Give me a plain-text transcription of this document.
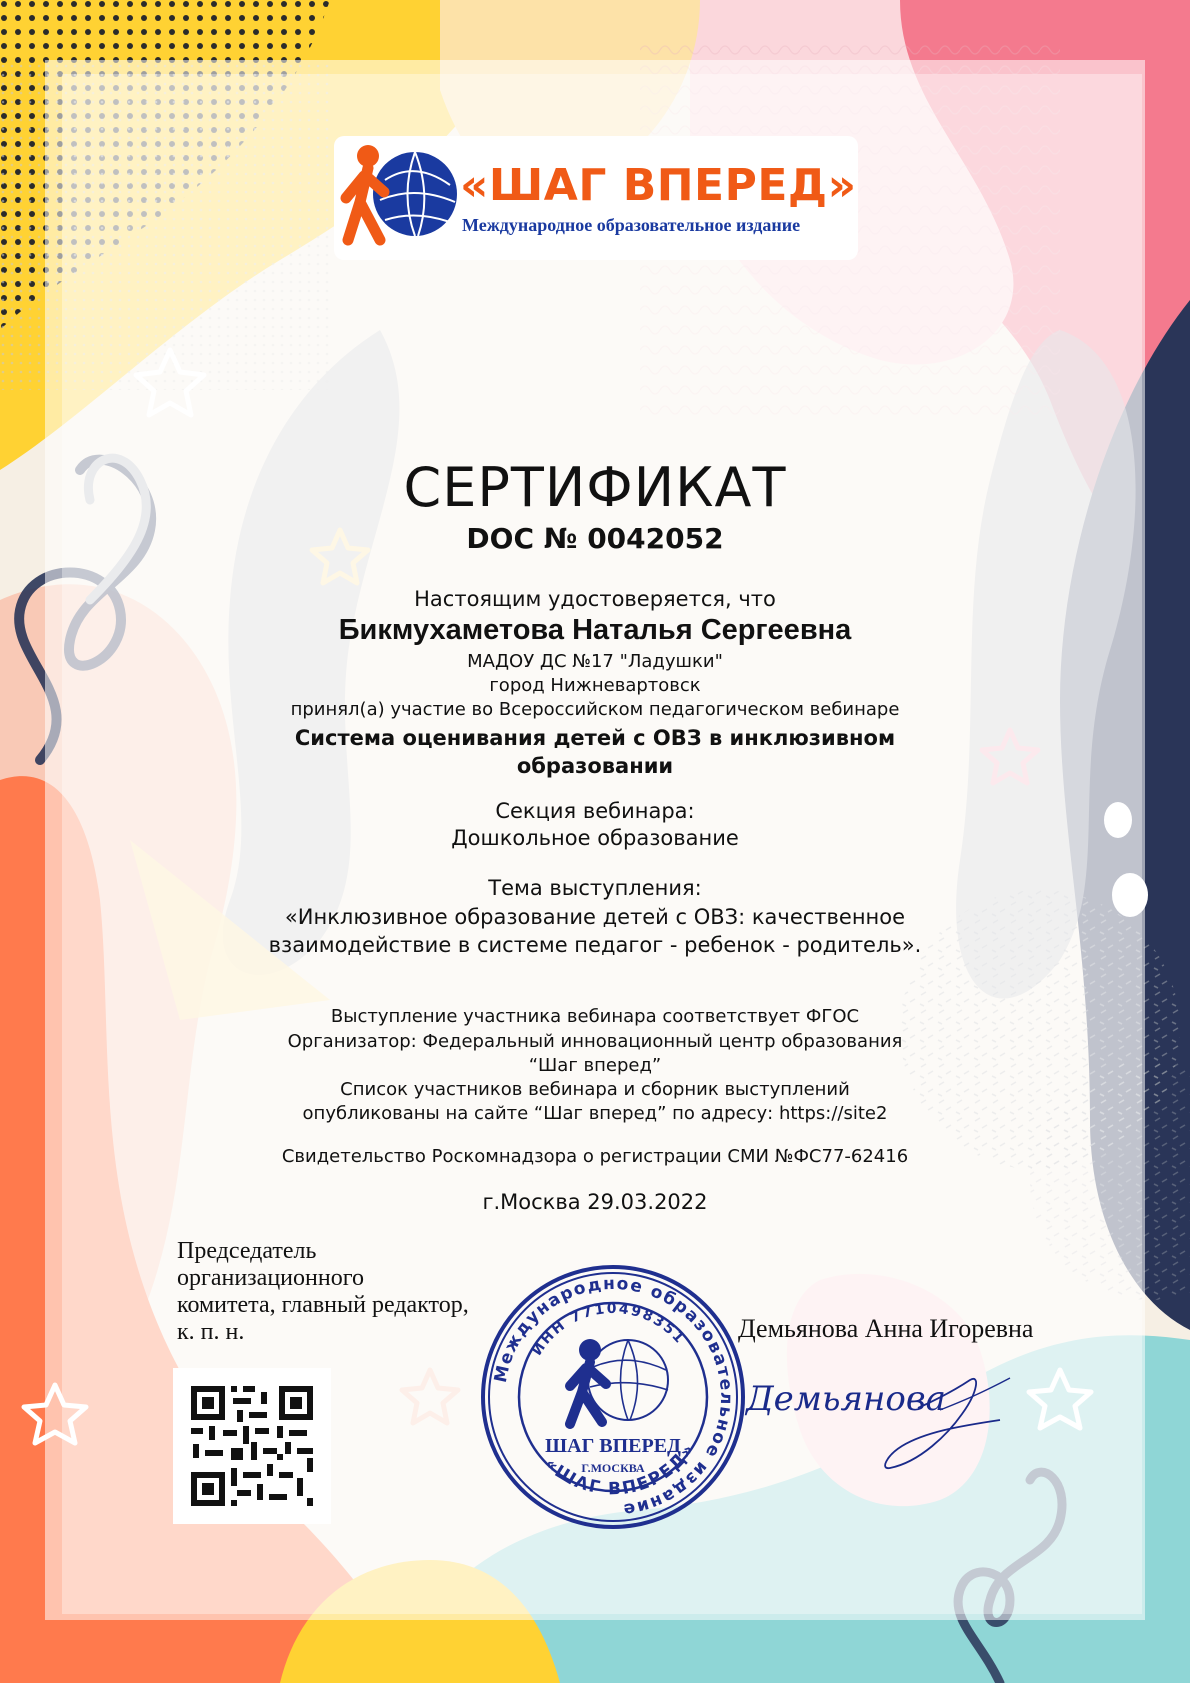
«ШАГ ВПЕРЕД»
Международное образовательное издание
СЕРТИФИКАТ
DOC № 0042052
Настоящим удостоверяется, что
Бикмухаметова Наталья Сергеевна
МАДОУ ДС №17 "Ладушки"
город Нижневартовск
принял(а) участие во Всероссийском педагогическом вебинаре
Система оценивания детей с ОВЗ в инклюзивном образовании
Секция вебинара:
Дошкольное образование
Тема выступления:
«Инклюзивное образование детей с ОВЗ: качественное взаимодействие в системе педагог - ребенок - родитель».
Выступление участника вебинара соответствует ФГОС
Организатор: Федеральный инновационный центр образования
“Шаг вперед”
Список участников вебинара и сборник выступлений
опубликованы на сайте “Шаг вперед” по адресу: https://site2
Свидетельство Роскомнадзора о регистрации СМИ №ФС77-62416
г.Москва 29.03.2022
Председатель
организационного
комитета, главный редактор,
к. п. н.	Демьянова Анна Игоревна
Международное образовательное издание
ИНН 7710498351
«ШАГ ВПЕРЕД»
ШАГ ВПЕРЕД
Г.МОСКВА
Демьянова
